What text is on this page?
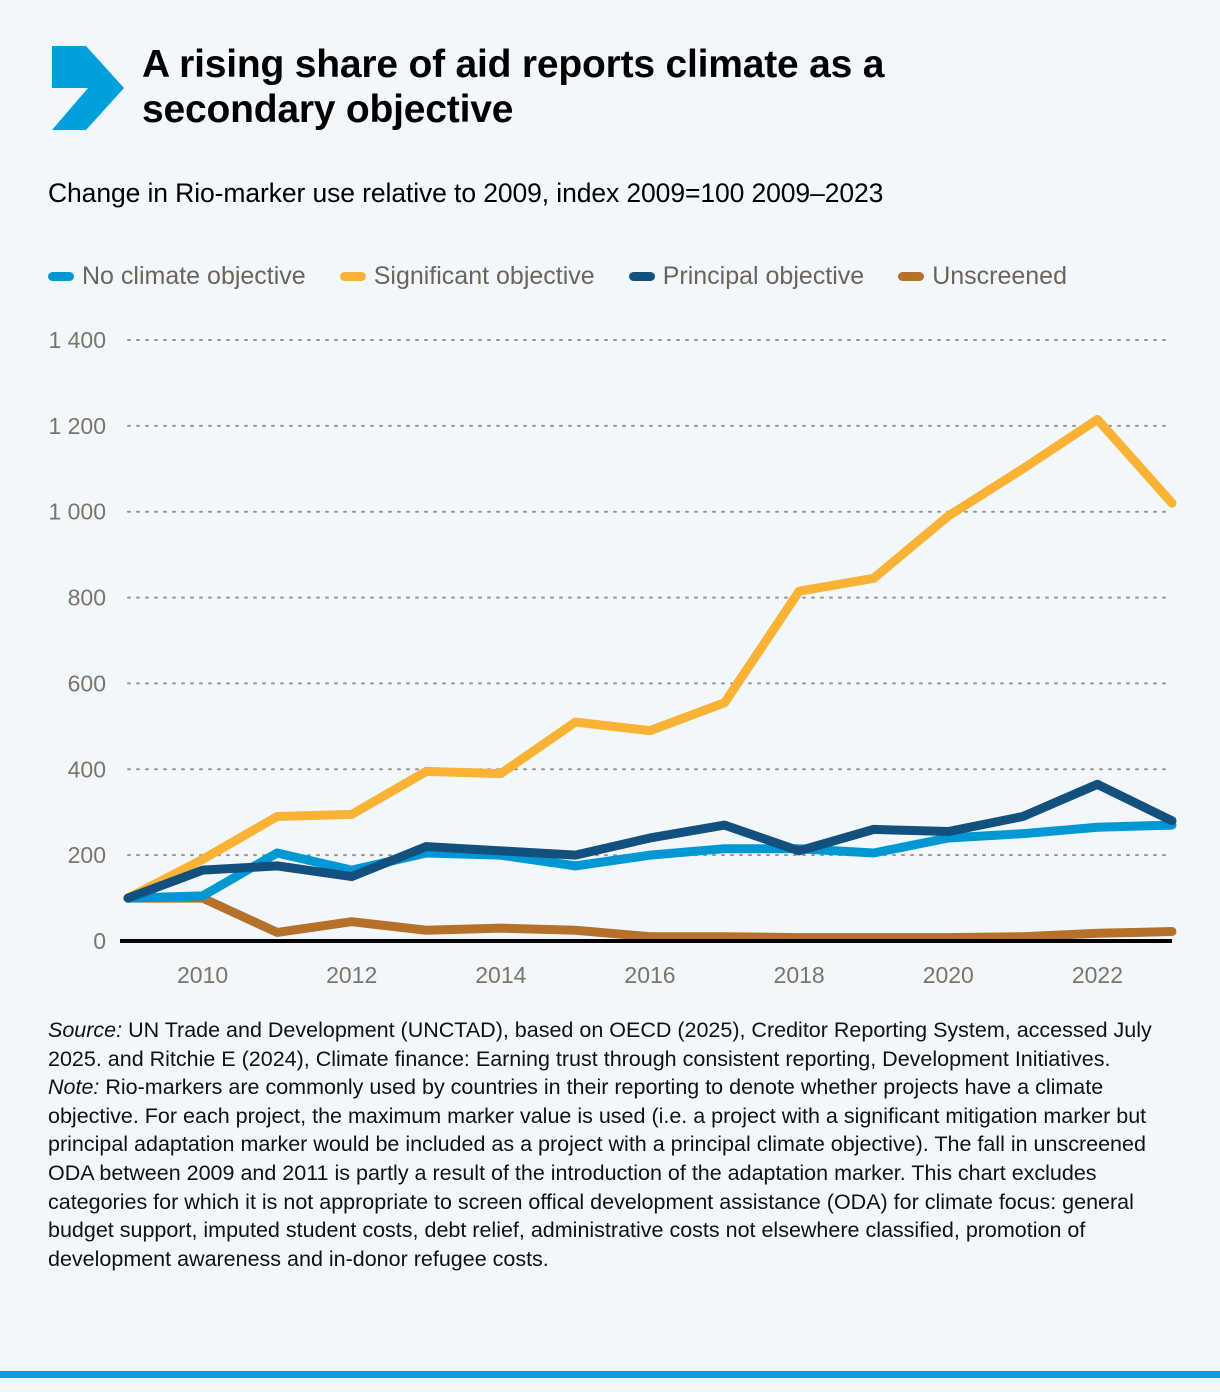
A rising share of aid reports climate as a secondary objective
Change in Rio-marker use relative to 2009, index 2009=100 2009–2023
No climate objective	Significant objective	Principal objective	Unscreened
0
200
400
600
800
1 000
1 200
1 400
2010	2012	2014	2016	2018	2020	2022

Source: UN Trade and Development (UNCTAD), based on OECD (2025), Creditor Reporting System, accessed July 2025. and Ritchie E (2024), Climate finance: Earning trust through consistent reporting, Development Initiatives.

Note: Rio-markers are commonly used by countries in their reporting to denote whether projects have a climate objective. For each project, the maximum marker value is used (i.e. a project with a significant mitigation marker but principal adaptation marker would be included as a project with a principal climate objective). The fall in unscreened ODA between 2009 and 2011 is partly a result of the introduction of the adaptation marker. This chart excludes categories for which it is not appropriate to screen offical development assistance (ODA) for climate focus: general budget support, imputed student costs, debt relief, administrative costs not elsewhere classified, promotion of development awareness and in-donor refugee costs.
